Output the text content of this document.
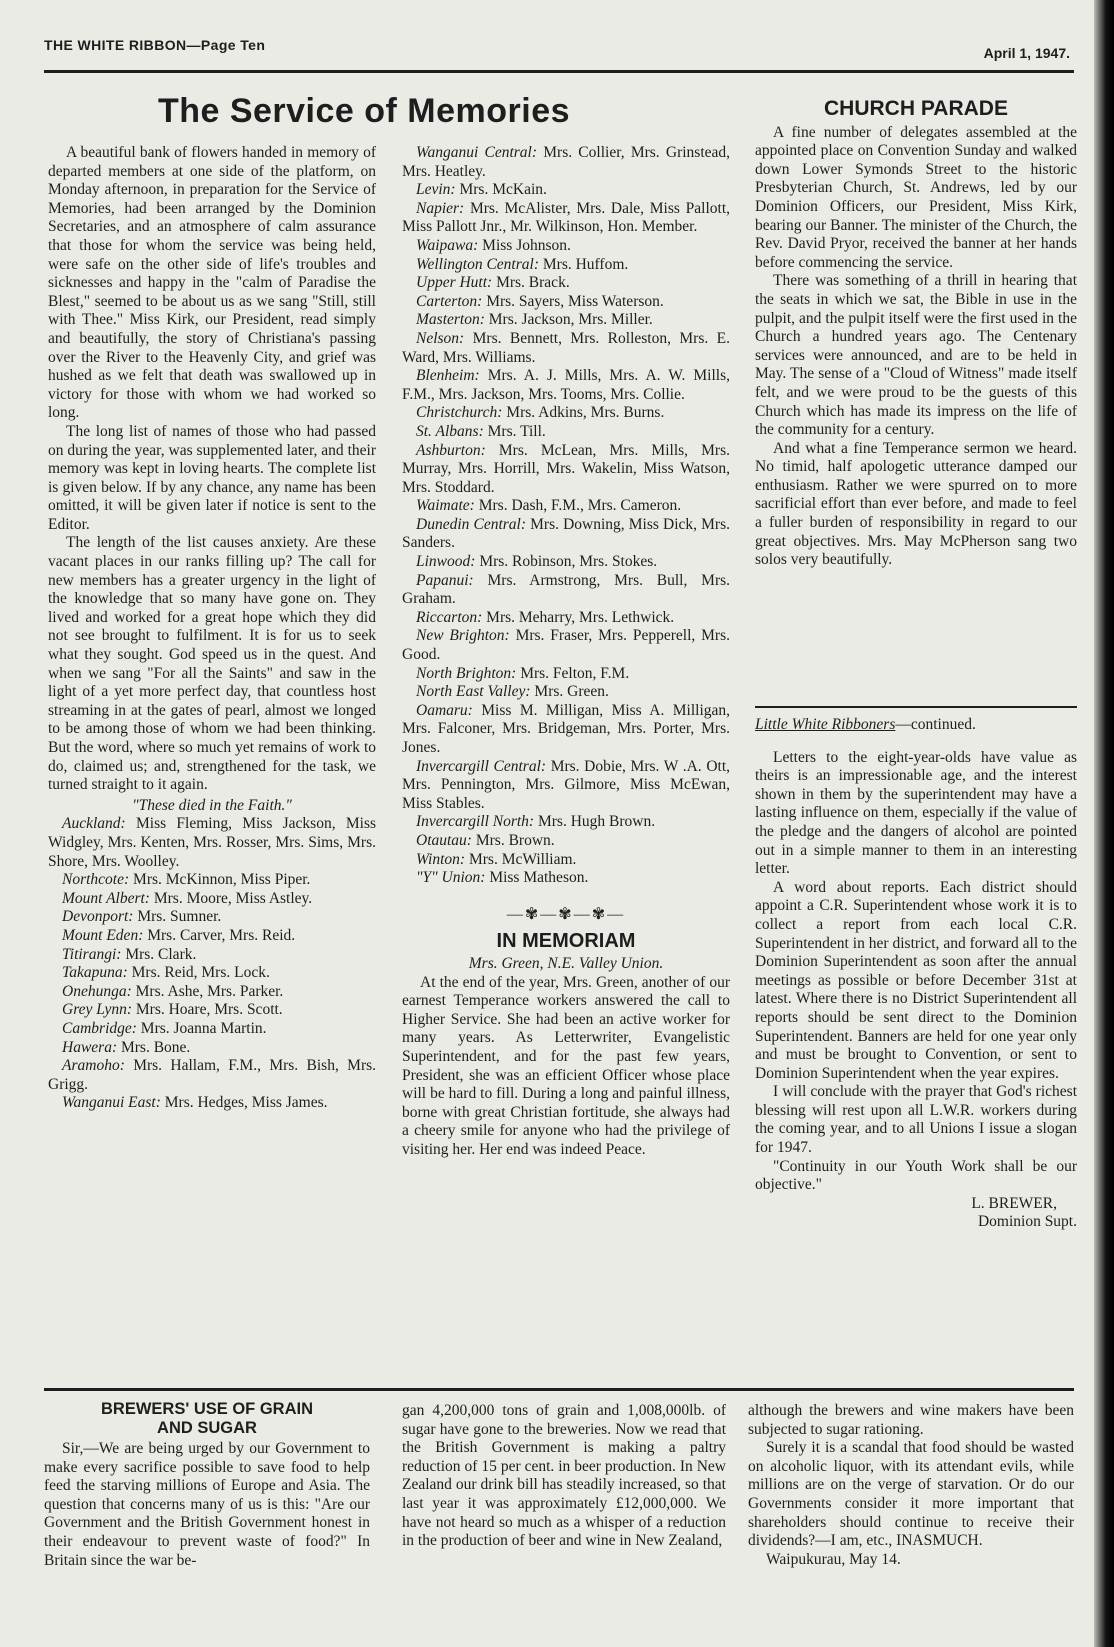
THE WHITE RIBBON—Page Ten	April 1, 1947.
The Service of Memories

A beautiful bank of flowers handed in memory of departed members at one side of the platform, on Monday afternoon, in preparation for the Service of Memories, had been arranged by the Dominion Secretaries, and an atmosphere of calm assurance that those for whom the service was being held, were safe on the other side of life's troubles and sicknesses and happy in the "calm of Paradise the Blest," seemed to be about us as we sang "Still, still with Thee." Miss Kirk, our President, read simply and beautifully, the story of Christiana's passing over the River to the Heavenly City, and grief was hushed as we felt that death was swallowed up in victory for those with whom we had worked so long.

The long list of names of those who had passed on during the year, was supplemented later, and their memory was kept in loving hearts. The complete list is given below. If by any chance, any name has been omitted, it will be given later if notice is sent to the Editor.

The length of the list causes anxiety. Are these vacant places in our ranks filling up? The call for new members has a greater urgency in the light of the knowledge that so many have gone on. They lived and worked for a great hope which they did not see brought to fulfilment. It is for us to seek what they sought. God speed us in the quest. And when we sang "For all the Saints" and saw in the light of a yet more perfect day, that countless host streaming in at the gates of pearl, almost we longed to be among those of whom we had been thinking. But the word, where so much yet remains of work to do, claimed us; and, strengthened for the task, we turned straight to it again.

"These died in the Faith."

Auckland: Miss Fleming, Miss Jackson, Miss Widgley, Mrs. Kenten, Mrs. Rosser, Mrs. Sims, Mrs. Shore, Mrs. Woolley.

Northcote: Mrs. McKinnon, Miss Piper.

Mount Albert: Mrs. Moore, Miss Astley.

Devonport: Mrs. Sumner.

Mount Eden: Mrs. Carver, Mrs. Reid.

Titirangi: Mrs. Clark.

Takapuna: Mrs. Reid, Mrs. Lock.

Onehunga: Mrs. Ashe, Mrs. Parker.

Grey Lynn: Mrs. Hoare, Mrs. Scott.

Cambridge: Mrs. Joanna Martin.

Hawera: Mrs. Bone.

Aramoho: Mrs. Hallam, F.M., Mrs. Bish, Mrs. Grigg.

Wanganui East: Mrs. Hedges, Miss James.

Wanganui Central: Mrs. Collier, Mrs. Grinstead, Mrs. Heatley.

Levin: Mrs. McKain.

Napier: Mrs. McAlister, Mrs. Dale, Miss Pallott, Miss Pallott Jnr., Mr. Wilkinson, Hon. Member.

Waipawa: Miss Johnson.

Wellington Central: Mrs. Huffom.

Upper Hutt: Mrs. Brack.

Carterton: Mrs. Sayers, Miss Waterson.

Masterton: Mrs. Jackson, Mrs. Miller.

Nelson: Mrs. Bennett, Mrs. Rolleston, Mrs. E. Ward, Mrs. Williams.

Blenheim: Mrs. A. J. Mills, Mrs. A. W. Mills, F.M., Mrs. Jackson, Mrs. Tooms, Mrs. Collie.

Christchurch: Mrs. Adkins, Mrs. Burns.

St. Albans: Mrs. Till.

Ashburton: Mrs. McLean, Mrs. Mills, Mrs. Murray, Mrs. Horrill, Mrs. Wakelin, Miss Watson, Mrs. Stoddard.

Waimate: Mrs. Dash, F.M., Mrs. Cameron.

Dunedin Central: Mrs. Downing, Miss Dick, Mrs. Sanders.

Linwood: Mrs. Robinson, Mrs. Stokes.

Papanui: Mrs. Armstrong, Mrs. Bull, Mrs. Graham.

Riccarton: Mrs. Meharry, Mrs. Lethwick.

New Brighton: Mrs. Fraser, Mrs. Pepperell, Mrs. Good.

North Brighton: Mrs. Felton, F.M.

North East Valley: Mrs. Green.

Oamaru: Miss M. Milligan, Miss A. Milligan, Mrs. Falconer, Mrs. Bridgeman, Mrs. Porter, Mrs. Jones.

Invercargill Central: Mrs. Dobie, Mrs. W .A. Ott, Mrs. Pennington, Mrs. Gilmore, Miss McEwan, Miss Stables.

Invercargill North: Mrs. Hugh Brown.

Otautau: Mrs. Brown.

Winton: Mrs. McWilliam.

"Y" Union: Miss Matheson.

—✾—✾—✾—
IN MEMORIAM

Mrs. Green, N.E. Valley Union.

At the end of the year, Mrs. Green, another of our earnest Temperance workers answered the call to Higher Service. She had been an active worker for many years. As Letterwriter, Evangelistic Superintendent, and for the past few years, President, she was an efficient Officer whose place will be hard to fill. During a long and painful illness, borne with great Christian fortitude, she always had a cheery smile for anyone who had the privilege of visiting her. Her end was indeed Peace.

CHURCH PARADE

A fine number of delegates assembled at the appointed place on Convention Sunday and walked down Lower Symonds Street to the historic Presbyterian Church, St. Andrews, led by our Dominion Officers, our President, Miss Kirk, bearing our Banner. The minister of the Church, the Rev. David Pryor, received the banner at her hands before commencing the service.

There was something of a thrill in hearing that the seats in which we sat, the Bible in use in the pulpit, and the pulpit itself were the first used in the Church a hundred years ago. The Centenary services were announced, and are to be held in May. The sense of a "Cloud of Witness" made itself felt, and we were proud to be the guests of this Church which has made its impress on the life of the community for a century.

And what a fine Temperance sermon we heard. No timid, half apologetic utterance damped our enthusiasm. Rather we were spurred on to more sacrificial effort than ever before, and made to feel a fuller burden of responsibility in regard to our great objectives. Mrs. May McPherson sang two solos very beautifully.

Little White Ribboners—continued.

Letters to the eight-year-olds have value as theirs is an impressionable age, and the interest shown in them by the superintendent may have a lasting influence on them, especially if the value of the pledge and the dangers of alcohol are pointed out in a simple manner to them in an interesting letter.

A word about reports. Each district should appoint a C.R. Superintendent whose work it is to collect a report from each local C.R. Superintendent in her district, and forward all to the Dominion Superintendent as soon after the annual meetings as possible or before December 31st at latest. Where there is no District Superintendent all reports should be sent direct to the Dominion Superintendent. Banners are held for one year only and must be brought to Convention, or sent to Dominion Superintendent when the year expires.

I will conclude with the prayer that God's richest blessing will rest upon all L.W.R. workers during the coming year, and to all Unions I issue a slogan for 1947.

"Continuity in our Youth Work shall be our objective."

L. BREWER,

Dominion Supt.

BREWERS' USE OF GRAIN
AND SUGAR

Sir,—We are being urged by our Government to make every sacrifice possible to save food to help feed the starving millions of Europe and Asia. The question that concerns many of us is this: "Are our Government and the British Government honest in their endeavour to prevent waste of food?" In Britain since the war be-

gan 4,200,000 tons of grain and 1,008,000lb. of sugar have gone to the breweries. Now we read that the British Government is making a paltry reduction of 15 per cent. in beer production. In New Zealand our drink bill has steadily increased, so that last year it was approximately £12,000,000. We have not heard so much as a whisper of a reduction in the production of beer and wine in New Zealand,

although the brewers and wine makers have been subjected to sugar rationing.

Surely it is a scandal that food should be wasted on alcoholic liquor, with its attendant evils, while millions are on the verge of starvation. Or do our Governments consider it more important that shareholders should continue to receive their dividends?—I am, etc., INASMUCH.

Waipukurau, May 14.
